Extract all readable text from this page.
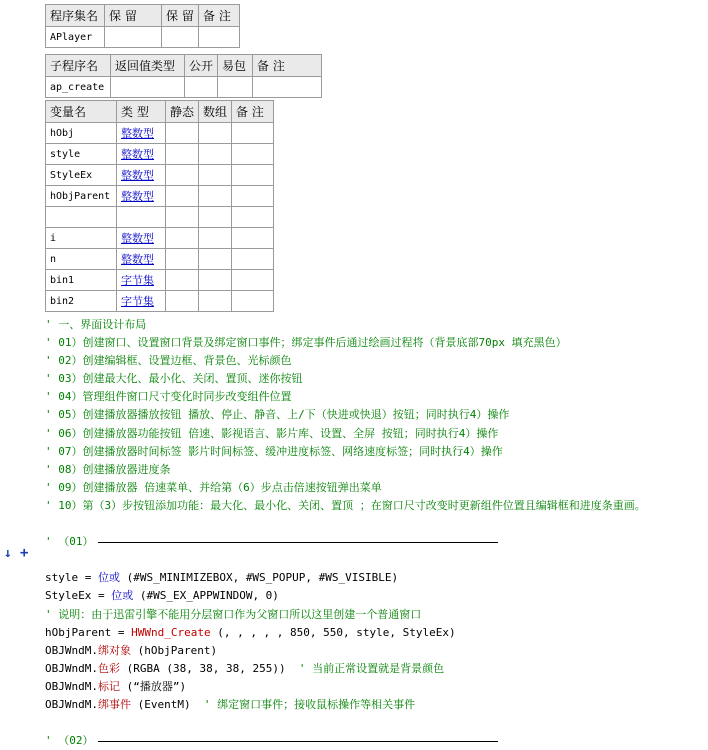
↓ +
程序集名	保 留	保 留	备 注
APlayer			
子程序名	返回值类型	公开	易包	备 注
ap_create				
变量名	类 型	静态	数组	备 注
hObj	整数型			
style	整数型			
StyleEx	整数型			
hObjParent	整数型			

i	整数型			
n	整数型			
bin1	字节集			
bin2	字节集			
' 一、界面设计布局
' 01）创建窗口、设置窗口背景及绑定窗口事件；绑定事件后通过绘画过程将（背景底部70px 填充黑色）
' 02）创建编辑框、设置边框、背景色、光标颜色
' 03）创建最大化、最小化、关闭、置顶、迷你按钮
' 04）管理组件窗口尺寸变化时同步改变组件位置
' 05）创建播放器播放按钮 播放、停止、静音、上/下（快进或快退）按钮；同时执行4）操作
' 06）创建播放器功能按钮 倍速、影视语言、影片库、设置、全屏 按钮；同时执行4）操作
' 07）创建播放器时间标签 影片时间标签、缓冲进度标签、网络速度标签；同时执行4）操作
' 08）创建播放器进度条
' 09）创建播放器 倍速菜单、并给第（6）步点击倍速按钮弹出菜单
' 10）第（3）步按钮添加功能：最大化、最小化、关闭、置顶 ；在窗口尺寸改变时更新组件位置且编辑框和进度条重画。
' （01）
style = 位或 (#WS_MINIMIZEBOX, #WS_POPUP, #WS_VISIBLE)
StyleEx = 位或 (#WS_EX_APPWINDOW, 0)
' 说明：由于迅雷引擎不能用分层窗口作为父窗口所以这里创建一个普通窗口
hObjParent = HWWnd_Create (, , , , , 850, 550, style, StyleEx)
OBJWndM.绑对象 (hObjParent)
OBJWndM.色彩 (RGBA (38, 38, 38, 255))  ' 当前正常设置就是背景颜色
OBJWndM.标记 (“播放器”)
OBJWndM.绑事件 (EventM)  ' 绑定窗口事件；接收鼠标操作等相关事件
' （02）
